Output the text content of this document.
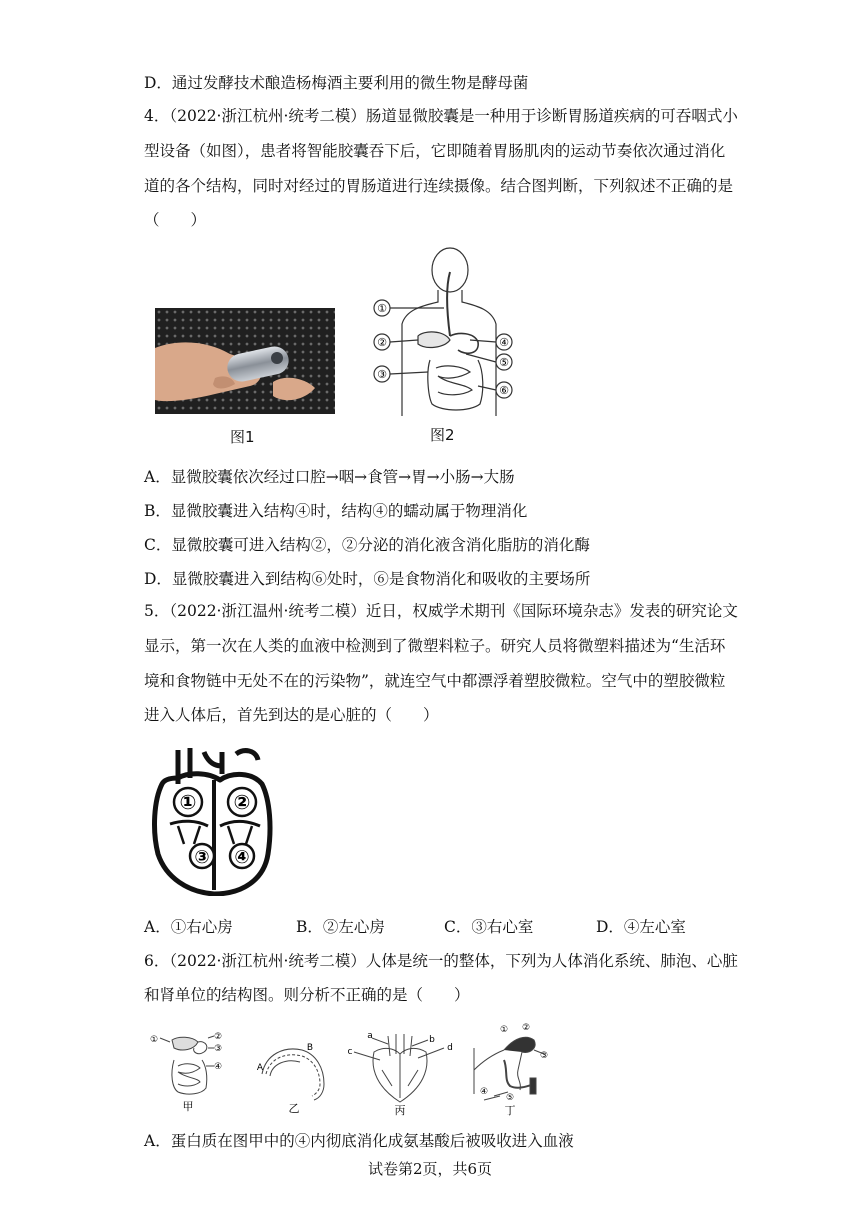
D．通过发酵技术酿造杨梅酒主要利用的微生物是酵母菌
4．（2022·浙江杭州·统考二模）肠道显微胶囊是一种用于诊断胃肠道疾病的可吞咽式小
型设备（如图），患者将智能胶囊吞下后，它即随着胃肠肌肉的运动节奏依次通过消化
道的各个结构，同时对经过的胃肠道进行连续摄像。结合图判断，下列叙述不正确的是
（　　）
图1
①
②
③
④
⑤
⑥
图2
A．显微胶囊依次经过口腔→咽→食管→胃→小肠→大肠
B．显微胶囊进入结构④时，结构④的蠕动属于物理消化
C．显微胶囊可进入结构②，②分泌的消化液含消化脂肪的消化酶
D．显微胶囊进入到结构⑥处时，⑥是食物消化和吸收的主要场所
5．（2022·浙江温州·统考二模）近日，权威学术期刊《国际环境杂志》发表的研究论文
显示，第一次在人类的血液中检测到了微塑料粒子。研究人员将微塑料描述为“生活环
境和食物链中无处不在的污染物”，就连空气中都漂浮着塑胶微粒。空气中的塑胶微粒
进入人体后，首先到达的是心脏的（　　）
① ②
③ ④
A．①右心房	B．②左心房	C．③右心室	D．④左心室
6．（2022·浙江杭州·统考二模）人体是统一的整体，下列为人体消化系统、肺泡、心脏
和肾单位的结构图。则分析不正确的是（　　）
①	②
③
④
甲
A
B
乙
a	b
c	d
丙
① ②
③
④
⑤
丁
A．蛋白质在图甲中的④内彻底消化成氨基酸后被吸收进入血液
试卷第2页，共6页
